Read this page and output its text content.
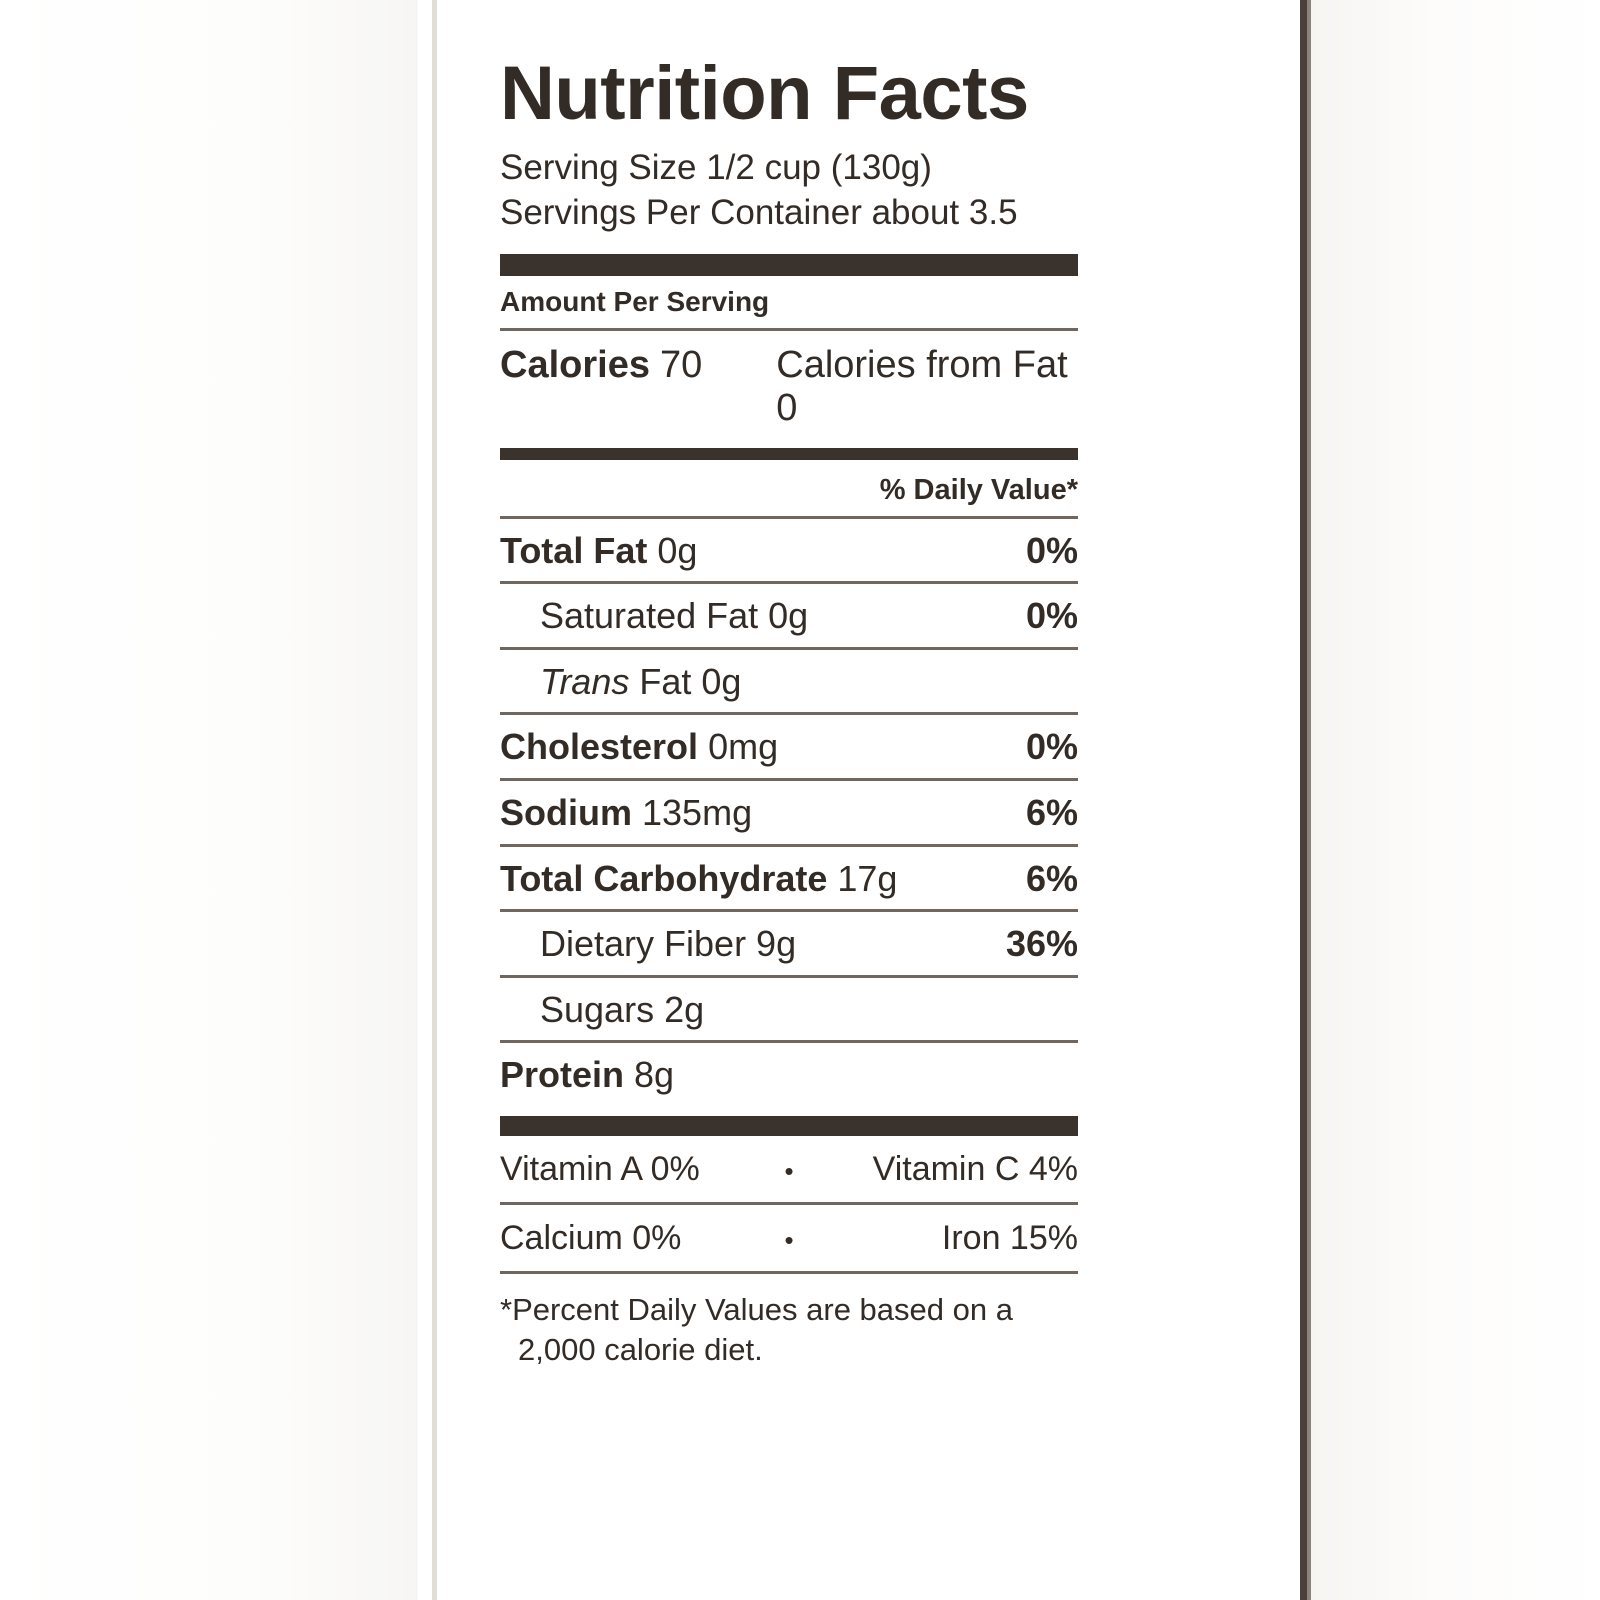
Nutrition Facts
Serving Size 1/2 cup (130g)
Servings Per Container about 3.5
Amount Per Serving
Calories 70 Calories from Fat 0
% Daily Value*
Total Fat 0g	0%
Saturated Fat 0g	0%
Trans Fat 0g
Cholesterol 0mg	0%
Sodium 135mg	6%
Total Carbohydrate 17g	6%
Dietary Fiber 9g	36%
Sugars 2g
Protein 8g
Vitamin A 0%	•	Vitamin C 4%
Calcium 0%	•	Iron 15%
*Percent Daily Values are based on a
2,000 calorie diet.
